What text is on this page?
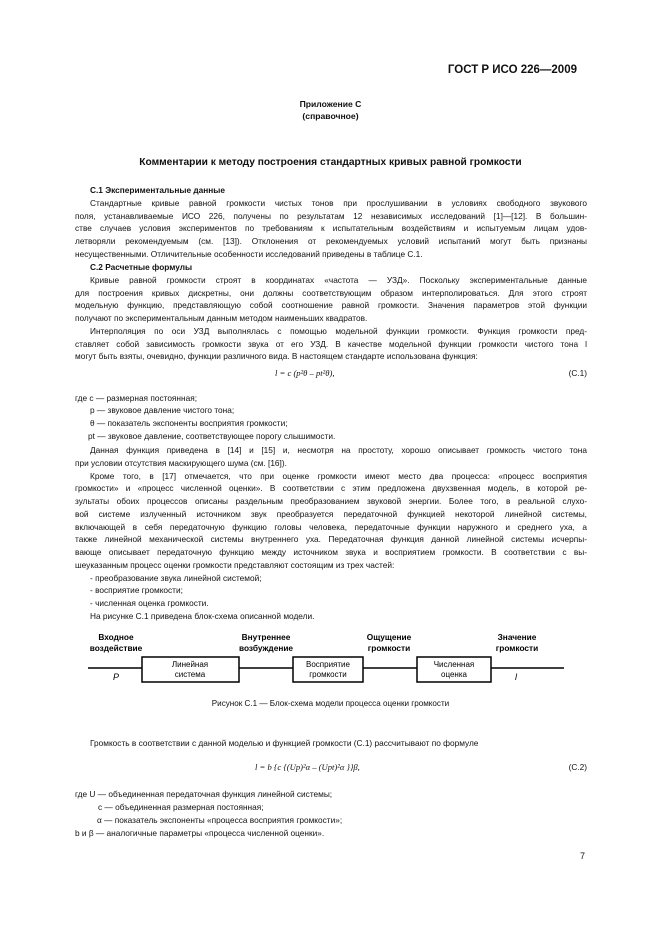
ГОСТ Р ИСО 226—2009
Приложение С
(справочное)
Комментарии к методу построения стандартных кривых равной громкости
С.1 Экспериментальные данные
Стандартные кривые равной громкости чистых тонов при прослушивании в условиях свободного звукового
поля, устанавливаемые ИСО 226, получены по результатам 12 независимых исследований [1]—[12]. В большин-
стве случаев условия экспериментов по требованиям к испытательным воздействиям и испытуемым лицам удов-
летворяли рекомендуемым (см. [13]). Отклонения от рекомендуемых условий испытаний могут быть признаны
несущественными. Отличительные особенности исследований приведены в таблице С.1.
С.2 Расчетные формулы
Кривые равной громкости строят в координатах «частота — УЗД». Поскольку экспериментальные данные
для построения кривых дискретны, они должны соответствующим образом интерполироваться. Для этого строят
модельную функцию, представляющую собой соотношение равной громкости. Значения параметров этой функции
получают по экспериментальным данным методом наименьших квадратов.
Интерполяция по оси УЗД выполнялась с помощью модельной функции громкости. Функция громкости пред-
ставляет собой зависимость громкости звука от его УЗД. В качестве модельной функции громкости чистого тона l
могут быть взяты, очевидно, функции различного вида. В настоящем стандарте использована функция:
l = c (p²θ – pt²θ),	(C.1)
где c — размерная постоянная;
p — звуковое давление чистого тона;
θ — показатель экспоненты восприятия громкости;
pt — звуковое давление, соответствующее порогу слышимости.
Данная функция приведена в [14] и [15] и, несмотря на простоту, хорошо описывает громкость чистого тона
при условии отсутствия маскирующего шума (см. [16]).
Кроме того, в [17] отмечается, что при оценке громкости имеют место два процесса: «процесс восприятия
громкости» и «процесс численной оценки». В соответствии с этим предложена двухзвенная модель, в которой ре-
зультаты обоих процессов описаны раздельным преобразованием звуковой энергии. Более того, в реальной слухо-
вой системе излученный источником звук преобразуется передаточной функцией некоторой линейной системы,
включающей в себя передаточную функцию головы человека, передаточные функции наружного и среднего уха, а
также линейной механической системы внутреннего уха. Передаточная функция данной линейной системы исчерпы-
вающе описывает передаточную функцию между источником звука и восприятием громкости. В соответствии с вы-
шеуказанным процесс оценки громкости представляют состоящим из трех частей:
- преобразование звука линейной системой;
- восприятие громкости;
- численная оценка громкости.
На рисунке С.1 приведена блок-схема описанной модели.
Входное
воздействие
Внутреннее
возбуждение
Ощущение
громкости
Значение
громкости
Линейная
система
Восприятие
громкости
Численная
оценка
P	l
Рисунок С.1 — Блок-схема модели процесса оценки громкости
Громкость в соответствии с данной моделью и функцией громкости (С.1) рассчитывают по формуле
l = b {c {(Up)²α – (Upt)²α }}β,	(C.2)
где U — объединенная передаточная функция линейной системы;
c — объединенная размерная постоянная;
α — показатель экспоненты «процесса восприятия громкости»;
b и β — аналогичные параметры «процесса численной оценки».
7
